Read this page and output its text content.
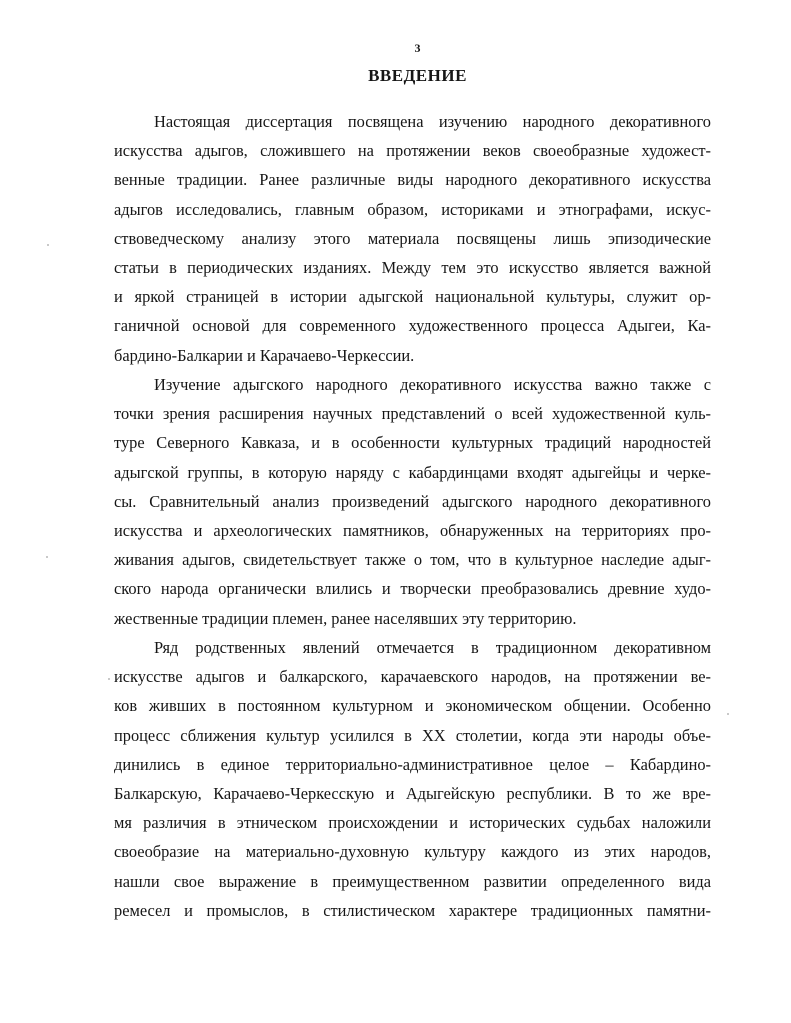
3
ВВЕДЕНИЕ
Настоящая диссертация посвящена изучению народного декоративного
искусства адыгов, сложившего на протяжении веков своеобразные художест-
венные традиции. Ранее различные виды народного декоративного искусства
адыгов исследовались, главным образом, историками и этнографами, искус-
ствоведческому анализу этого материала посвящены лишь эпизодические
статьи в периодических изданиях. Между тем это искусство является важной
и яркой страницей в истории адыгской национальной культуры, служит ор-
ганичной основой для современного художественного процесса Адыгеи, Ка-
бардино-Балкарии и Карачаево-Черкессии.
Изучение адыгского народного декоративного искусства важно также с
точки зрения расширения научных представлений о всей художественной куль-
туре Северного Кавказа, и в особенности культурных традиций народностей
адыгской группы, в которую наряду с кабардинцами входят адыгейцы и черке-
сы. Сравнительный анализ произведений адыгского народного декоративного
искусства и археологических памятников, обнаруженных на территориях про-
живания адыгов, свидетельствует также о том, что в культурное наследие адыг-
ского народа органически влились и творчески преобразовались древние худо-
жественные традиции племен, ранее населявших эту территорию.
Ряд родственных явлений отмечается в традиционном декоративном
искусстве адыгов и балкарского, карачаевского народов, на протяжении ве-
ков живших в постоянном культурном и экономическом общении. Особенно
процесс сближения культур усилился в XX столетии, когда эти народы объе-
динились в единое территориально-административное целое – Кабардино-
Балкарскую, Карачаево-Черкесскую и Адыгейскую республики. В то же вре-
мя различия в этническом происхождении и исторических судьбах наложили
своеобразие на материально-духовную культуру каждого из этих народов,
нашли свое выражение в преимущественном развитии определенного вида
ремесел и промыслов, в стилистическом характере традиционных памятни-
